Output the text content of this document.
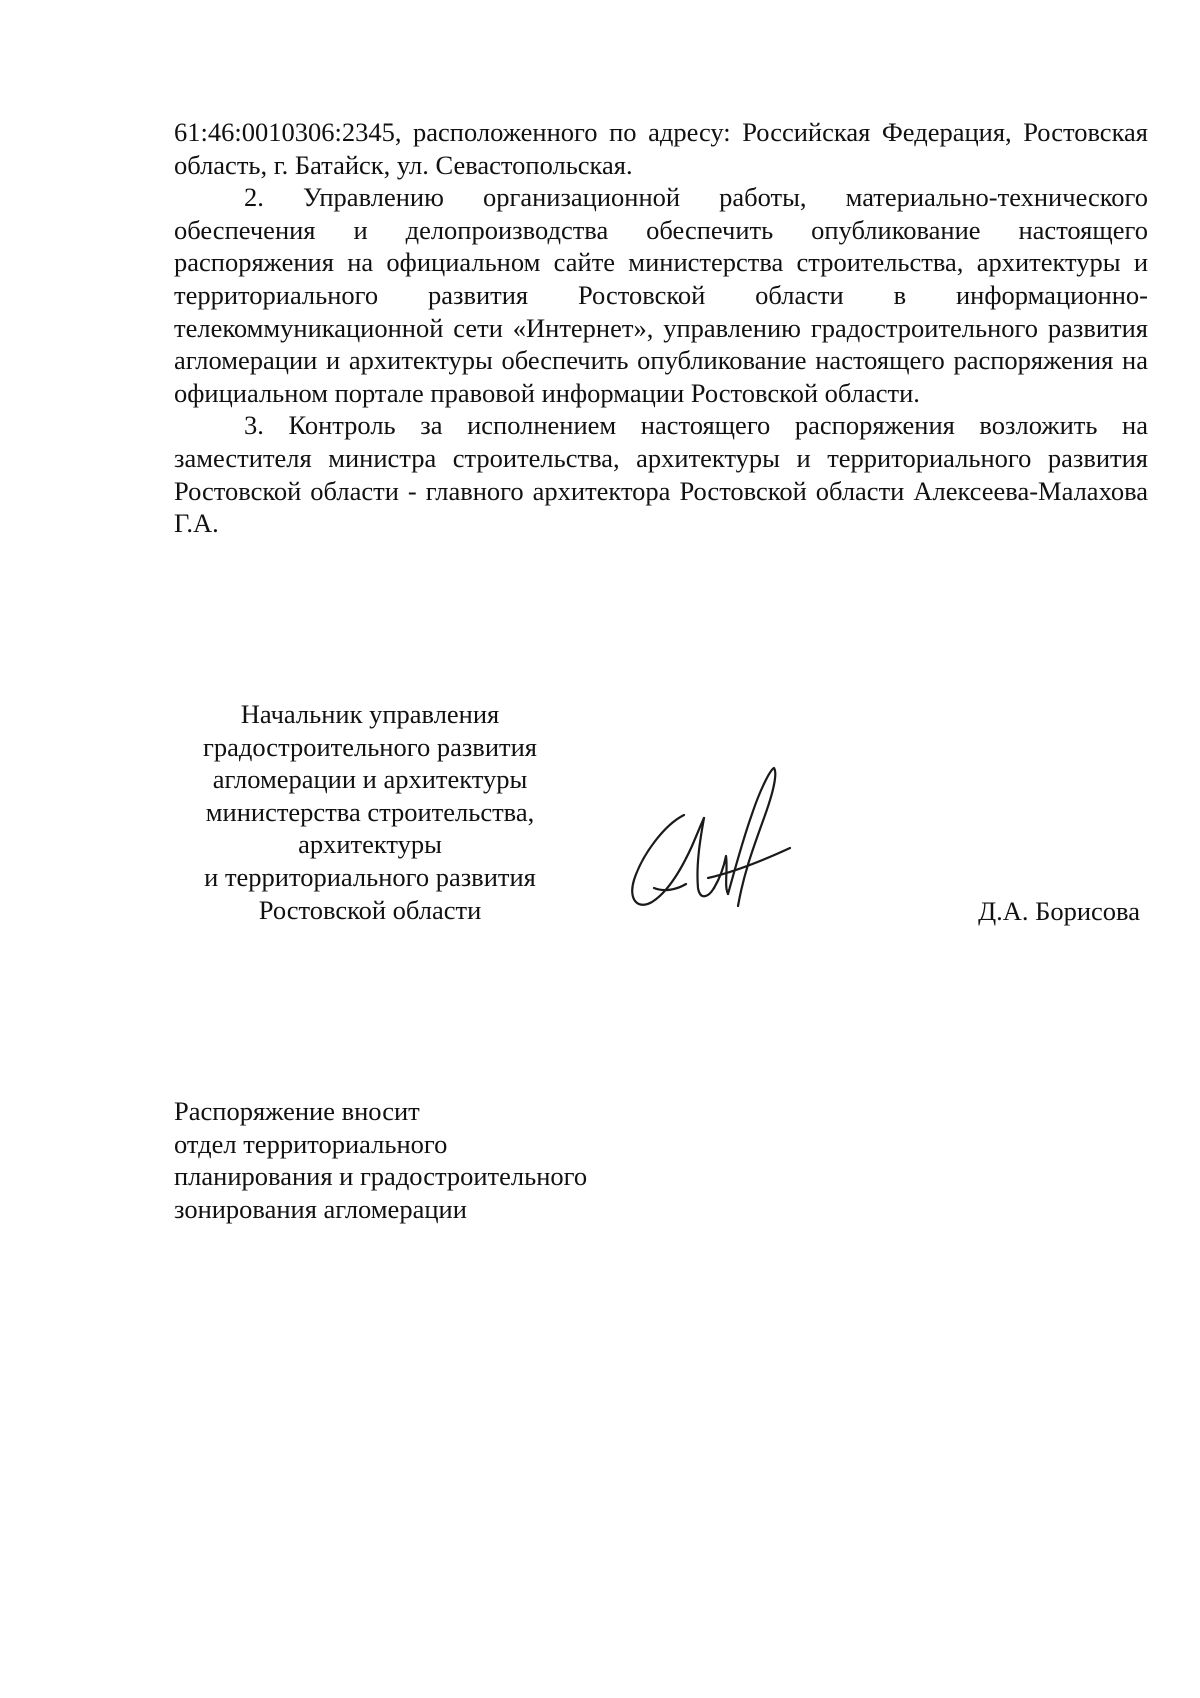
61:46:0010306:2345, расположенного по адресу: Российская Федерация, Ростовская область, г. Батайск, ул. Севастопольская.

2. Управлению организационной работы, материально-технического обеспечения и делопроизводства обеспечить опубликование настоящего распоряжения на официальном сайте министерства строительства, архитектуры и территориального развития Ростовской области в информационно-телекоммуникационной сети «Интернет», управлению градостроительного развития агломерации и архитектуры обеспечить опубликование настоящего распоряжения на официальном портале правовой информации Ростовской области.

3. Контроль за исполнением настоящего распоряжения возложить на заместителя министра строительства, архитектуры и территориального развития Ростовской области - главного архитектора Ростовской области Алексеева-Малахова Г.А.

Начальник управления
градостроительного развития
агломерации и архитектуры
министерства строительства,
архитектуры
и территориального развития
Ростовской области	Д.А. Борисова
Распоряжение вносит
отдел территориального
планирования и градостроительного
зонирования агломерации
